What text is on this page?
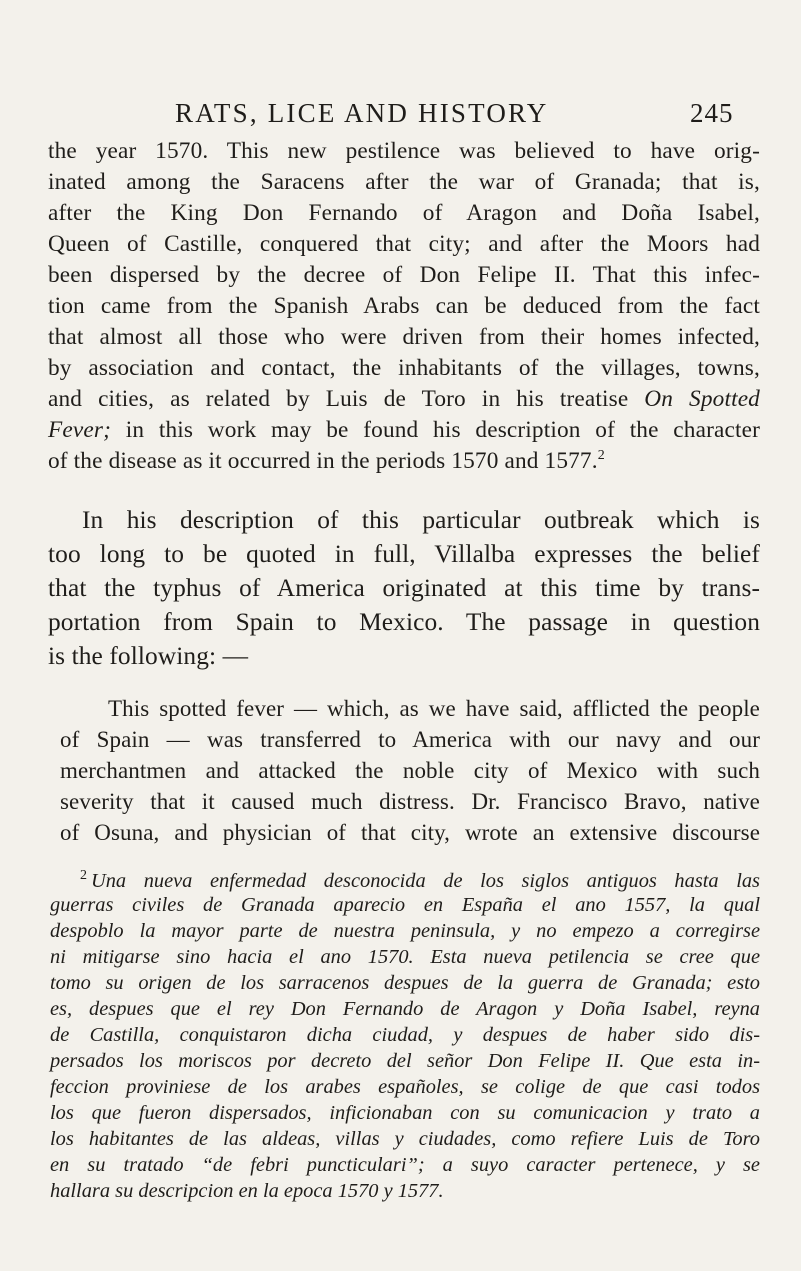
RATS, LICE AND HISTORY	245
the year 1570. This new pestilence was believed to have orig-
inated among the Saracens after the war of Granada; that is,
after the King Don Fernando of Aragon and Doña Isabel,
Queen of Castille, conquered that city; and after the Moors had
been dispersed by the decree of Don Felipe II. That this infec-
tion came from the Spanish Arabs can be deduced from the fact
that almost all those who were driven from their homes infected,
by association and contact, the inhabitants of the villages, towns,
and cities, as related by Luis de Toro in his treatise On Spotted
Fever; in this work may be found his description of the character
of the disease as it occurred in the periods 1570 and 1577.$^2$
In his description of this particular outbreak which is
too long to be quoted in full, Villalba expresses the belief
that the typhus of America originated at this time by trans-
portation from Spain to Mexico. The passage in question
is the following: —
This spotted fever — which, as we have said, afflicted the people
of Spain — was transferred to America with our navy and our
merchantmen and attacked the noble city of Mexico with such
severity that it caused much distress. Dr. Francisco Bravo, native
of Osuna, and physician of that city, wrote an extensive discourse
$^2$ Una nueva enfermedad desconocida de los siglos antiguos hasta las
guerras civiles de Granada aparecio en España el ano 1557, la qual
despoblo la mayor parte de nuestra peninsula, y no empezo a corregirse
ni mitigarse sino hacia el ano 1570. Esta nueva petilencia se cree que
tomo su origen de los sarracenos despues de la guerra de Granada; esto
es, despues que el rey Don Fernando de Aragon y Doña Isabel, reyna
de Castilla, conquistaron dicha ciudad, y despues de haber sido dis-
persados los moriscos por decreto del señor Don Felipe II. Que esta in-
feccion proviniese de los arabes españoles, se colige de que casi todos
los que fueron dispersados, inficionaban con su comunicacion y trato a
los habitantes de las aldeas, villas y ciudades, como refiere Luis de Toro
en su tratado “de febri puncticulari”; a suyo caracter pertenece, y se
hallara su descripcion en la epoca 1570 y 1577.
